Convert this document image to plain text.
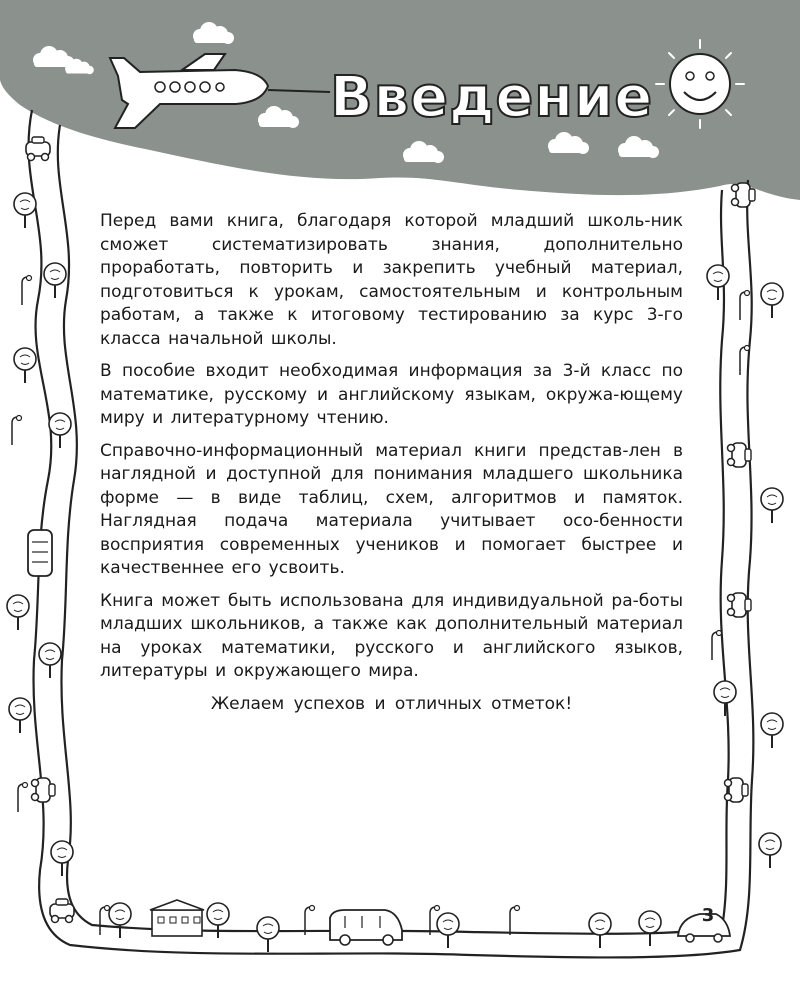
Введение

Перед вами книга, благодаря которой младший школь-ник сможет систематизировать знания, дополнительно проработать, повторить и закрепить учебный материал, подготовиться к урокам, самостоятельным и контрольным работам, а также к итоговому тестированию за курс 3-го класса начальной школы.

В пособие входит необходимая информация за 3-й класс по математике, русскому и английскому языкам, окружа-ющему миру и литературному чтению.

Справочно-информационный материал книги представ-лен в наглядной и доступной для понимания младшего школьника форме — в виде таблиц, схем, алгоритмов и памяток. Наглядная подача материала учитывает осо-бенности восприятия современных учеников и помогает быстрее и качественнее его усвоить.

Книга может быть использована для индивидуальной ра-боты младших школьников, а также как дополнительный материал на уроках математики, русского и английского языков, литературы и окружающего мира.

Желаем успехов и отличных отметок!

3
